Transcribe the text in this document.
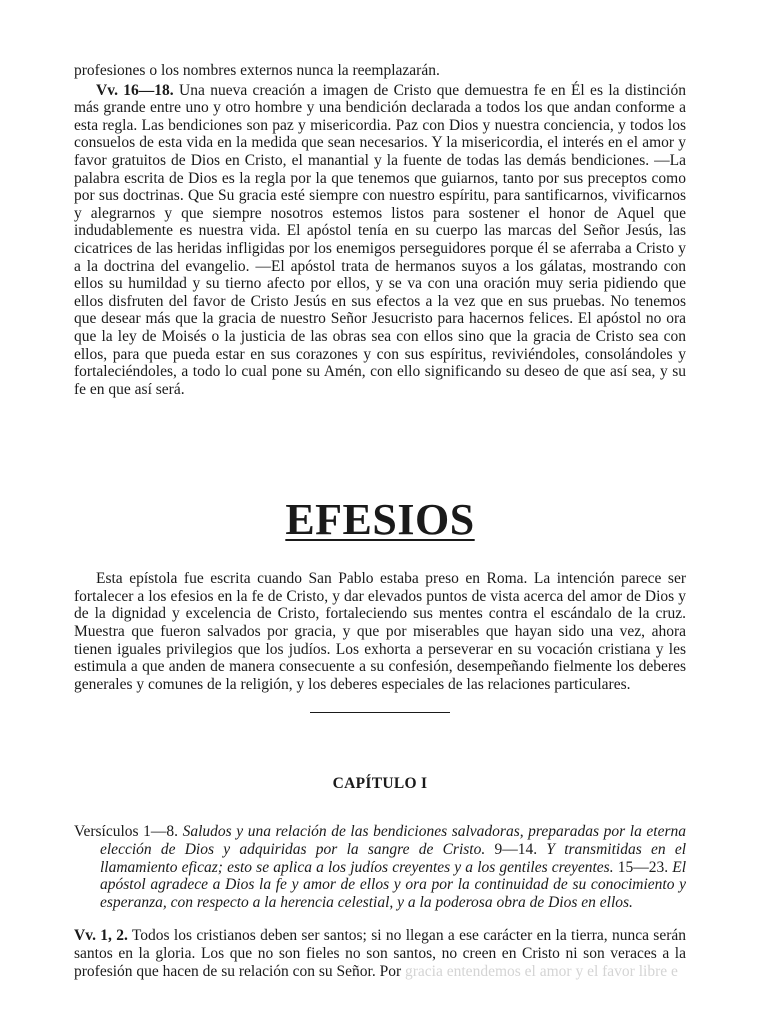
profesiones o los nombres externos nunca la reemplazarán.

Vv. 16—18. Una nueva creación a imagen de Cristo que demuestra fe en Él es la distinción más grande entre uno y otro hombre y una bendición declarada a todos los que andan conforme a esta regla. Las bendiciones son paz y misericordia. Paz con Dios y nuestra conciencia, y todos los consuelos de esta vida en la medida que sean necesarios. Y la misericordia, el interés en el amor y favor gratuitos de Dios en Cristo, el manantial y la fuente de todas las demás bendiciones. —La palabra escrita de Dios es la regla por la que tenemos que guiarnos, tanto por sus preceptos como por sus doctrinas. Que Su gracia esté siempre con nuestro espíritu, para santificarnos, vivificarnos y alegrarnos y que siempre nosotros estemos listos para sostener el honor de Aquel que indudablemente es nuestra vida. El apóstol tenía en su cuerpo las marcas del Señor Jesús, las cicatrices de las heridas infligidas por los enemigos perseguidores porque él se aferraba a Cristo y a la doctrina del evangelio. —El apóstol trata de hermanos suyos a los gálatas, mostrando con ellos su humildad y su tierno afecto por ellos, y se va con una oración muy seria pidiendo que ellos disfruten del favor de Cristo Jesús en sus efectos a la vez que en sus pruebas. No tenemos que desear más que la gracia de nuestro Señor Jesucristo para hacernos felices. El apóstol no ora que la ley de Moisés o la justicia de las obras sea con ellos sino que la gracia de Cristo sea con ellos, para que pueda estar en sus corazones y con sus espíritus, reviviéndoles, consolándoles y fortaleciéndoles, a todo lo cual pone su Amén, con ello significando su deseo de que así sea, y su fe en que así será.

EFESIOS

Esta epístola fue escrita cuando San Pablo estaba preso en Roma. La intención parece ser fortalecer a los efesios en la fe de Cristo, y dar elevados puntos de vista acerca del amor de Dios y de la dignidad y excelencia de Cristo, fortaleciendo sus mentes contra el escándalo de la cruz. Muestra que fueron salvados por gracia, y que por miserables que hayan sido una vez, ahora tienen iguales privilegios que los judíos. Los exhorta a perseverar en su vocación cristiana y les estimula a que anden de manera consecuente a su confesión, desempeñando fielmente los deberes generales y comunes de la religión, y los deberes especiales de las relaciones particulares.

CAPÍTULO I

Versículos 1—8. Saludos y una relación de las bendiciones salvadoras, preparadas por la eterna elección de Dios y adquiridas por la sangre de Cristo. 9—14. Y transmitidas en el llamamiento eficaz; esto se aplica a los judíos creyentes y a los gentiles creyentes. 15—23. El apóstol agradece a Dios la fe y amor de ellos y ora por la continuidad de su conocimiento y esperanza, con respecto a la herencia celestial, y a la poderosa obra de Dios en ellos.

Vv. 1, 2. Todos los cristianos deben ser santos; si no llegan a ese carácter en la tierra, nunca serán santos en la gloria. Los que no son fieles no son santos, no creen en Cristo ni son veraces a la profesión que hacen de su relación con su Señor. Por gracia entendemos el amor y el favor libre e
